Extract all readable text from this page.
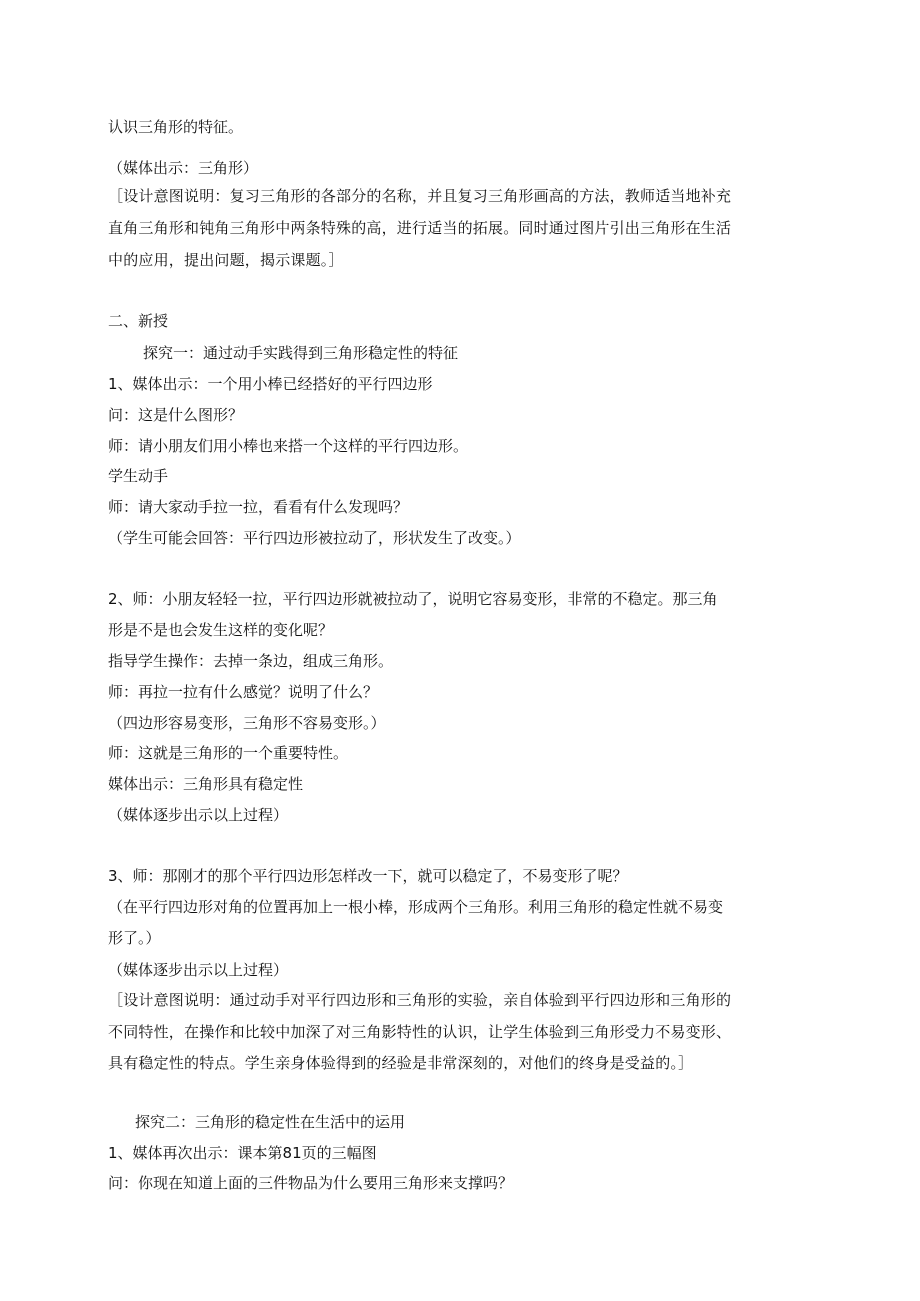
认识三角形的特征。
（媒体出示：三角形）
［设计意图说明：复习三角形的各部分的名称，并且复习三角形画高的方法，教师适当地补充
直角三角形和钝角三角形中两条特殊的高，进行适当的拓展。同时通过图片引出三角形在生活
中的应用，提出问题，揭示课题。］
二、新授
探究一：通过动手实践得到三角形稳定性的特征
1、媒体出示：一个用小棒已经搭好的平行四边形
问：这是什么图形？
师：请小朋友们用小棒也来搭一个这样的平行四边形。
学生动手
师：请大家动手拉一拉，看看有什么发现吗？
（学生可能会回答：平行四边形被拉动了，形状发生了改变。）
2、师：小朋友轻轻一拉，平行四边形就被拉动了，说明它容易变形，非常的不稳定。那三角
形是不是也会发生这样的变化呢？
指导学生操作：去掉一条边，组成三角形。
师：再拉一拉有什么感觉？说明了什么？
（四边形容易变形，三角形不容易变形。）
师：这就是三角形的一个重要特性。
媒体出示：三角形具有稳定性
（媒体逐步出示以上过程）
3、师：那刚才的那个平行四边形怎样改一下，就可以稳定了，不易变形了呢？
（在平行四边形对角的位置再加上一根小棒，形成两个三角形。利用三角形的稳定性就不易变
形了。）
（媒体逐步出示以上过程）
［设计意图说明：通过动手对平行四边形和三角形的实验，亲自体验到平行四边形和三角形的
不同特性，在操作和比较中加深了对三角影特性的认识，让学生体验到三角形受力不易变形、
具有稳定性的特点。学生亲身体验得到的经验是非常深刻的，对他们的终身是受益的。］
探究二：三角形的稳定性在生活中的运用
1、媒体再次出示：课本第81页的三幅图
问：你现在知道上面的三件物品为什么要用三角形来支撑吗？
